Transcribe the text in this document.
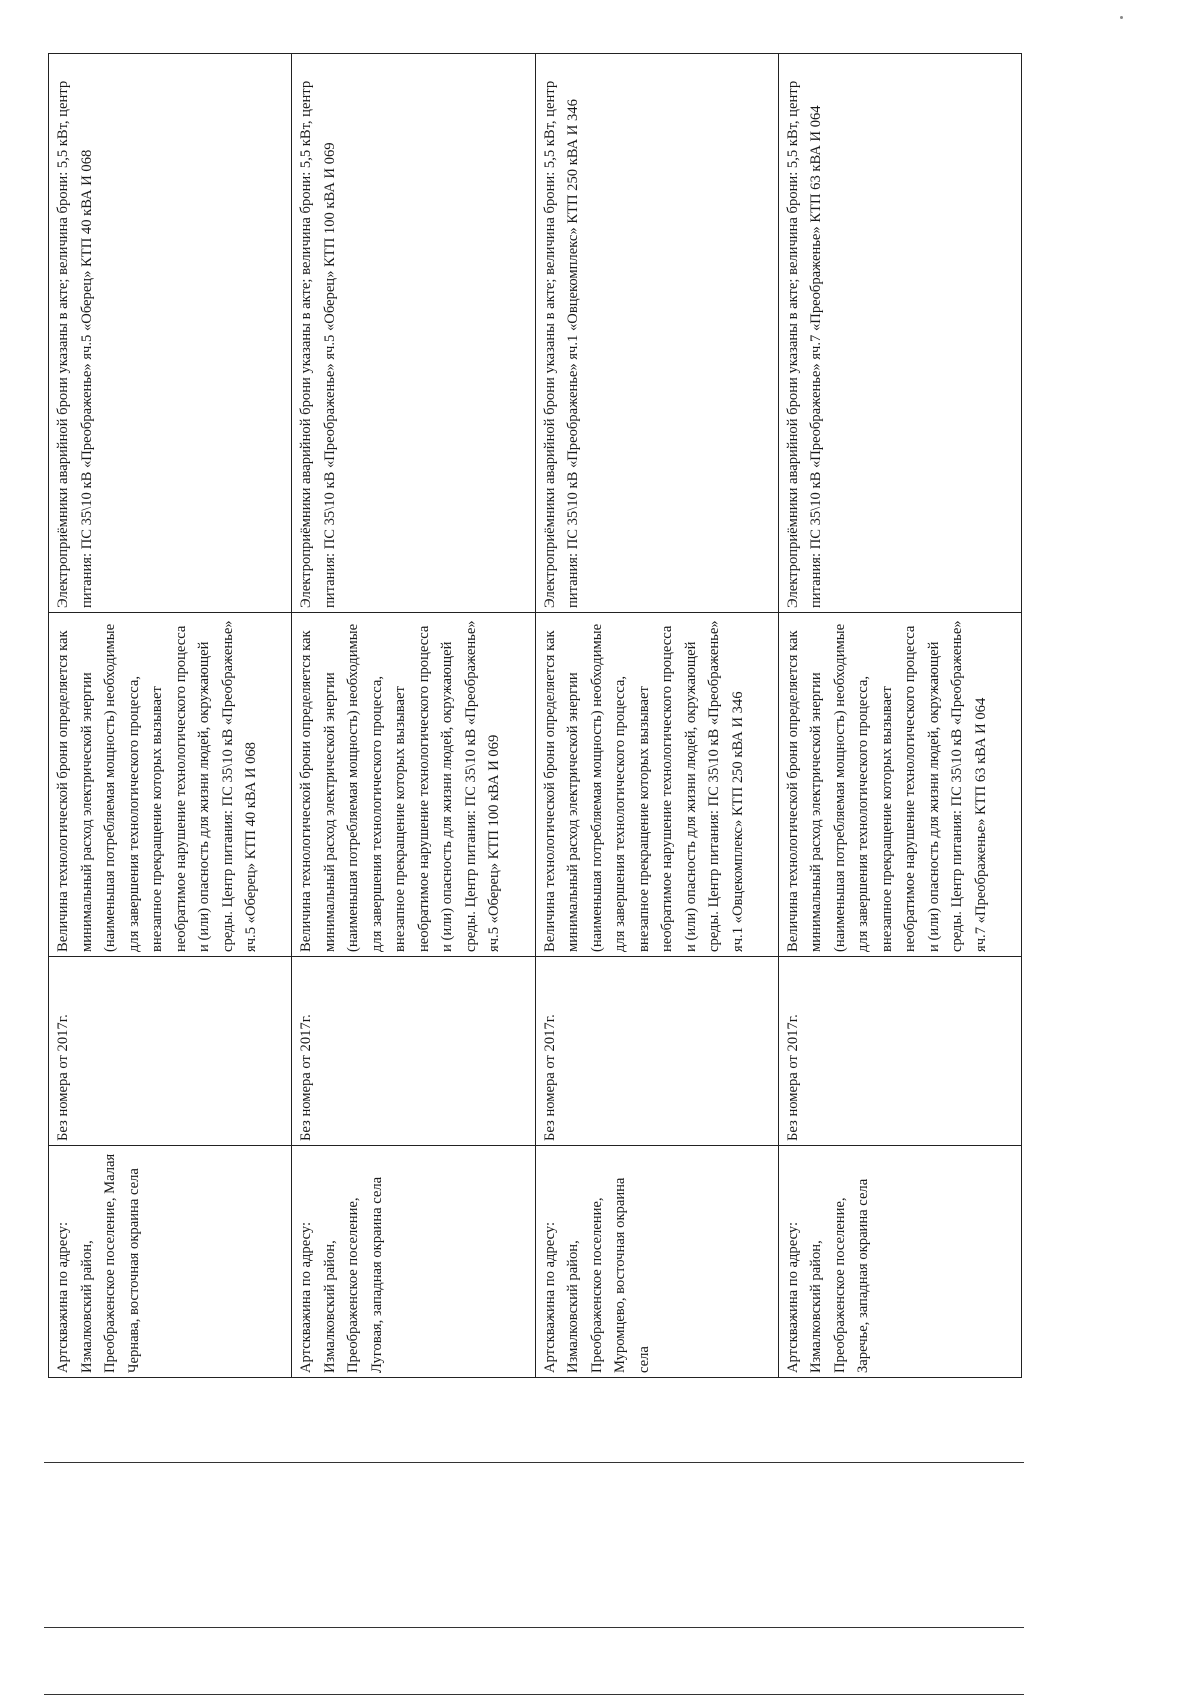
Артскважина по адресу: Измалковский район, Преображенское поселение, Малая Чернава, восточная окраина села	Без номера от 2017г.	Величина технологической брони определяется как минимальный расход электрической энергии (наименьшая потребляемая мощность) необходимые для завершения технологического процесса, внезапное прекращение которых вызывает необратимое нарушение технологического процесса и (или) опасность для жизни людей, окружающей среды. Центр питания: ПС 35\10 кВ «Преображенье» яч.5 «Оберец» КТП 40 кВА И 068	Электроприёмники аварийной брони указаны в акте; величина брони: 5,5 кВт, центр питания: ПС 35\10 кВ «Преображенье» яч.5 «Оберец» КТП 40 кВА И 068

Артскважина по адресу: Измалковский район, Преображенское поселение, Луговая, западная окраина села	Без номера от 2017г.	Величина технологической брони определяется как минимальный расход электрической энергии (наименьшая потребляемая мощность) необходимые для завершения технологического процесса, внезапное прекращение которых вызывает необратимое нарушение технологического процесса и (или) опасность для жизни людей, окружающей среды. Центр питания: ПС 35\10 кВ «Преображенье» яч.5 «Оберец» КТП 100 кВА И 069	Электроприёмники аварийной брони указаны в акте; величина брони: 5,5 кВт, центр питания: ПС 35\10 кВ «Преображенье» яч.5 «Оберец» КТП 100 кВА И 069

Артскважина по адресу: Измалковский район, Преображенское поселение, Муромцево, восточная окраина села	Без номера от 2017г.	Величина технологической брони определяется как минимальный расход электрической энергии (наименьшая потребляемая мощность) необходимые для завершения технологического процесса, внезапное прекращение которых вызывает необратимое нарушение технологического процесса и (или) опасность для жизни людей, окружающей среды. Центр питания: ПС 35\10 кВ «Преображенье» яч.1 «Овцекомплекс» КТП 250 кВА И 346	Электроприёмники аварийной брони указаны в акте; величина брони: 5,5 кВт, центр питания: ПС 35\10 кВ «Преображенье» яч.1 «Овцекомплекс» КТП 250 кВА И 346

Артскважина по адресу: Измалковский район, Преображенское поселение, Заречье, западная окраина села	Без номера от 2017г.	Величина технологической брони определяется как минимальный расход электрической энергии (наименьшая потребляемая мощность) необходимые для завершения технологического процесса, внезапное прекращение которых вызывает необратимое нарушение технологического процесса и (или) опасность для жизни людей, окружающей среды. Центр питания: ПС 35\10 кВ «Преображенье» яч.7 «Преображенье» КТП 63 кВА И 064	Электроприёмники аварийной брони указаны в акте; величина брони: 5,5 кВт, центр питания: ПС 35\10 кВ «Преображенье» яч.7 «Преображенье» КТП 63 кВА И 064
